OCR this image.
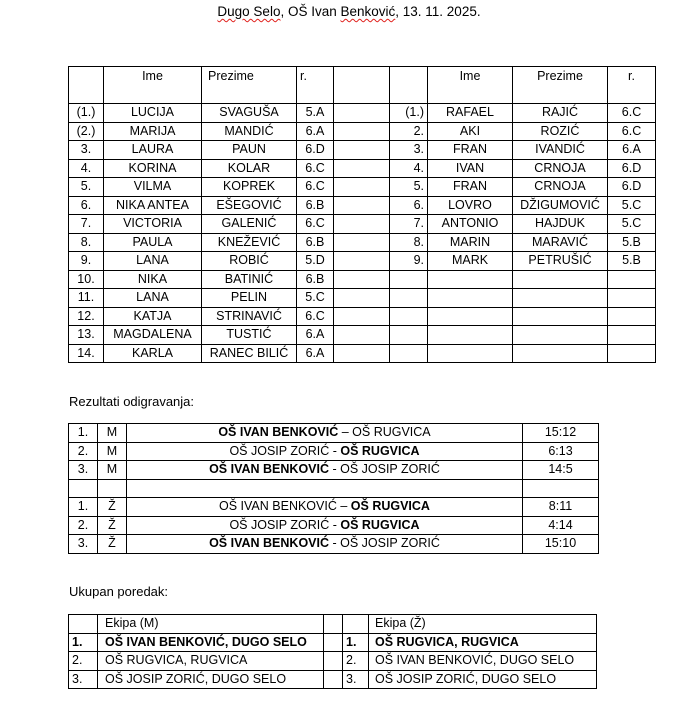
Dugo Selo, OŠ Ivan Benković, 13. 11. 2025.
	Ime	Prezime	r.			Ime	Prezime	r.
(1.)	LUCIJA	SVAGUŠA	5.A		(1.)	RAFAEL	RAJIĆ	6.C
(2.)	MARIJA	MANDIĆ	6.A		2.	AKI	ROZIĆ	6.C
3.	LAURA	PAUN	6.D		3.	FRAN	IVANDIĆ	6.A
4.	KORINA	KOLAR	6.C		4.	IVAN	CRNOJA	6.D
5.	VILMA	KOPREK	6.C		5.	FRAN	CRNOJA	6.D
6.	NIKA ANTEA	EŠEGOVIĆ	6.B		6.	LOVRO	DŽIGUMOVIĆ	5.C
7.	VICTORIA	GALENIĆ	6.C		7.	ANTONIO	HAJDUK	5.C
8.	PAULA	KNEŽEVIĆ	6.B		8.	MARIN	MARAVIĆ	5.B
9.	LANA	ROBIĆ	5.D		9.	MARK	PETRUŠIĆ	5.B
10.	NIKA	BATINIĆ	6.B					
11.	LANA	PELIN	5.C					
12.	KATJA	STRINAVIĆ	6.C					
13.	MAGDALENA	TUSTIĆ	6.A					
14.	KARLA	RANEC BILIĆ	6.A					
Rezultati odigravanja:
1.	M	OŠ IVAN BENKOVIĆ – OŠ RUGVICA	15:12
2.	M	OŠ JOSIP ZORIĆ - OŠ RUGVICA	6:13
3.	M	OŠ IVAN BENKOVIĆ - OŠ JOSIP ZORIĆ	14:5

1.	Ž	OŠ IVAN BENKOVIĆ – OŠ RUGVICA	8:11
2.	Ž	OŠ JOSIP ZORIĆ - OŠ RUGVICA	4:14
3.	Ž	OŠ IVAN BENKOVIĆ - OŠ JOSIP ZORIĆ	15:10
Ukupan poredak:
	Ekipa (M)			Ekipa (Ž)
1.	OŠ IVAN BENKOVIĆ, DUGO SELO		1.	OŠ RUGVICA, RUGVICA
2.	OŠ RUGVICA, RUGVICA		2.	OŠ IVAN BENKOVIĆ, DUGO SELO
3.	OŠ JOSIP ZORIĆ, DUGO SELO		3.	OŠ JOSIP ZORIĆ, DUGO SELO
